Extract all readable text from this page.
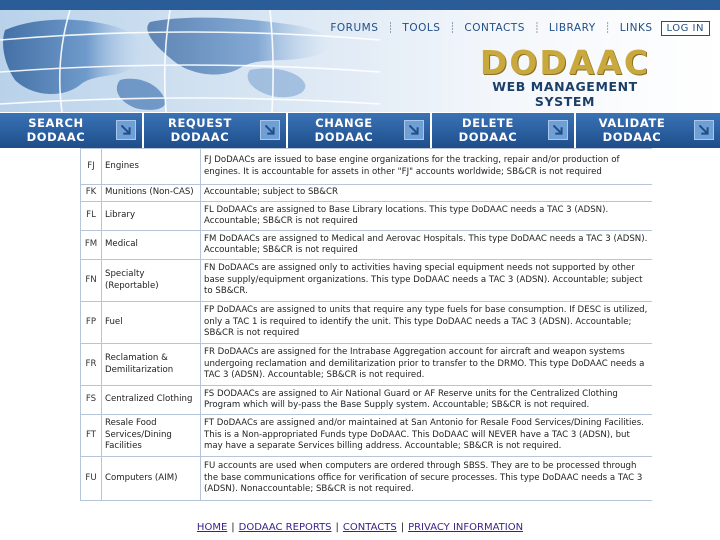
FORUMS ┊ TOOLS ┊ CONTACTS ┊ LIBRARY ┊ LINKS	LOG IN
DODAAC
WEB MANAGEMENT SYSTEM
SEARCH
DODAAC
REQUEST
DODAAC
CHANGE
DODAAC
DELETE
DODAAC
VALIDATE
DODAAC
FJ	Engines	FJ DoDAACs are issued to base engine organizations for the tracking, repair and/or production of engines. It is accountable for assets in other "FJ" accounts worldwide; SB&CR is not required
FK	Munitions (Non-CAS)	Accountable; subject to SB&CR
FL	Library	FL DoDAACs are assigned to Base Library locations. This type DoDAAC needs a TAC 3 (ADSN). Accountable; SB&CR is not required
FM	Medical	FM DoDAACs are assigned to Medical and Aerovac Hospitals. This type DoDAAC needs a TAC 3 (ADSN). Accountable; SB&CR is not required
FN	Specialty (Reportable)	FN DoDAACs are assigned only to activities having special equipment needs not supported by other base supply/equipment organizations. This type DoDAAC needs a TAC 3 (ADSN). Accountable; subject to SB&CR.
FP	Fuel	FP DoDAACs are assigned to units that require any type fuels for base consumption. If DESC is utilized, only a TAC 1 is required to identify the unit. This type DoDAAC needs a TAC 3 (ADSN). Accountable; SB&CR is not required
FR	Reclamation & Demilitarization	FR DoDAACs are assigned for the Intrabase Aggregation account for aircraft and weapon systems undergoing reclamation and demilitarization prior to transfer to the DRMO. This type DoDAAC needs a TAC 3 (ADSN). Accountable; SB&CR is not required.
FS	Centralized Clothing	FS DODAACs are assigned to Air National Guard or AF Reserve units for the Centralized Clothing Program which will by-pass the Base Supply system. Accountable; SB&CR is not required.
FT	Resale Food Services/Dining Facilities	FT DoDAACs are assigned and/or maintained at San Antonio for Resale Food Services/Dining Facilities. This is a Non-appropriated Funds type DoDAAC. This DoDAAC will NEVER have a TAC 3 (ADSN), but may have a separate Services billing address. Accountable; SB&CR is not required.
FU	Computers (AIM)	FU accounts are used when computers are ordered through SBSS. They are to be processed through the base communications office for verification of secure processes. This type DoDAAC needs a TAC 3 (ADSN). Nonaccountable; SB&CR is not required.
HOME | DODAAC REPORTS | CONTACTS | PRIVACY INFORMATION
